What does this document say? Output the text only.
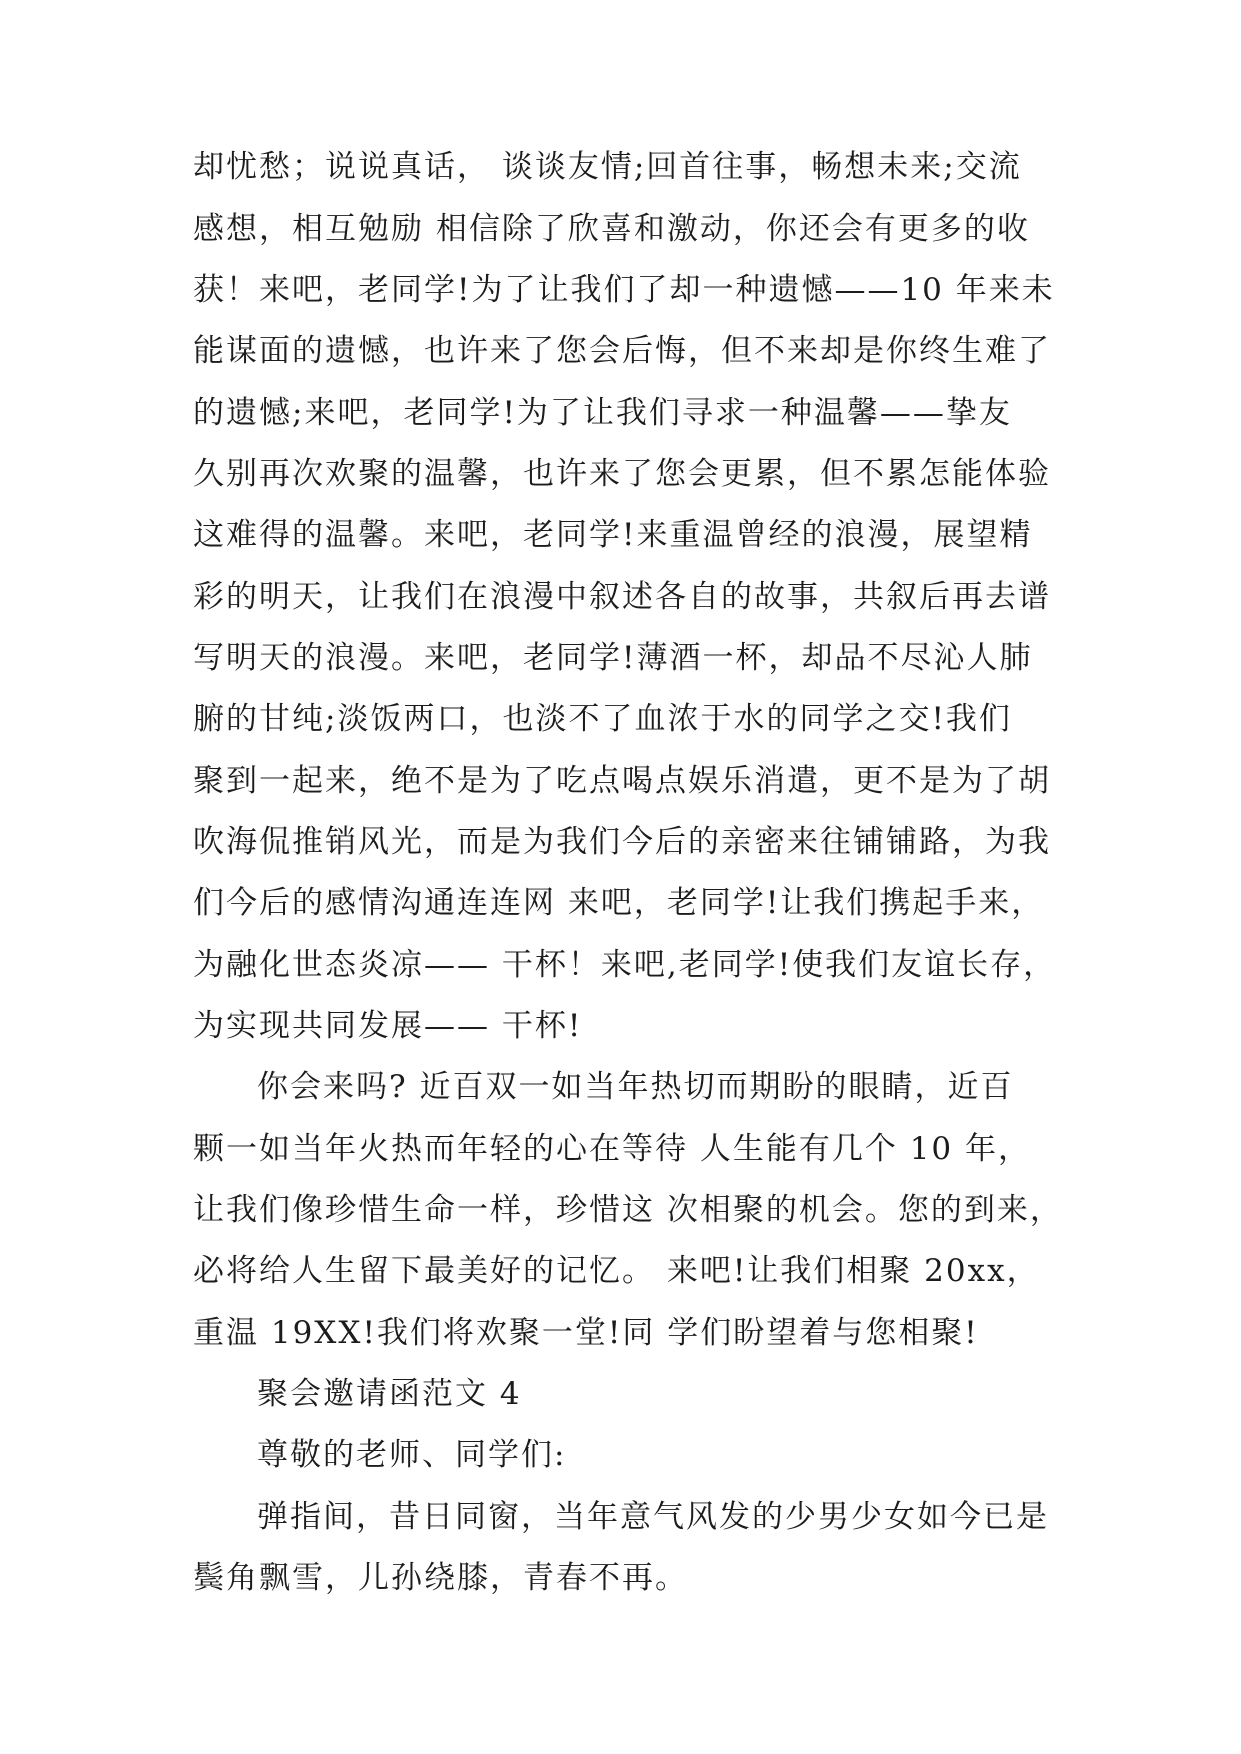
却忧愁；说说真话， 谈谈友情;回首往事，畅想未来;交流
感想，相互勉励 相信除了欣喜和激动，你还会有更多的收
获！来吧，老同学!为了让我们了却一种遗憾——10 年来未
能谋面的遗憾，也许来了您会后悔，但不来却是你终生难了
的遗憾;来吧，老同学!为了让我们寻求一种温馨——挚友
久别再次欢聚的温馨，也许来了您会更累，但不累怎能体验
这难得的温馨。来吧，老同学!来重温曾经的浪漫，展望精
彩的明天，让我们在浪漫中叙述各自的故事，共叙后再去谱
写明天的浪漫。来吧，老同学!薄酒一杯，却品不尽沁人肺
腑的甘纯;淡饭两口，也淡不了血浓于水的同学之交!我们
聚到一起来，绝不是为了吃点喝点娱乐消遣，更不是为了胡
吹海侃推销风光，而是为我们今后的亲密来往铺铺路，为我
们今后的感情沟通连连网 来吧，老同学!让我们携起手来，
为融化世态炎凉—— 干杯！来吧,老同学!使我们友谊长存，
为实现共同发展—— 干杯!
你会来吗? 近百双一如当年热切而期盼的眼睛，近百
颗一如当年火热而年轻的心在等待 人生能有几个 10 年，
让我们像珍惜生命一样，珍惜这 次相聚的机会。您的到来，
必将给人生留下最美好的记忆。 来吧!让我们相聚 20xx，
重温 19XX!我们将欢聚一堂!同 学们盼望着与您相聚!
聚会邀请函范文 4
尊敬的老师、同学们:
弹指间，昔日同窗，当年意气风发的少男少女如今已是
鬓角飘雪，儿孙绕膝，青春不再。
